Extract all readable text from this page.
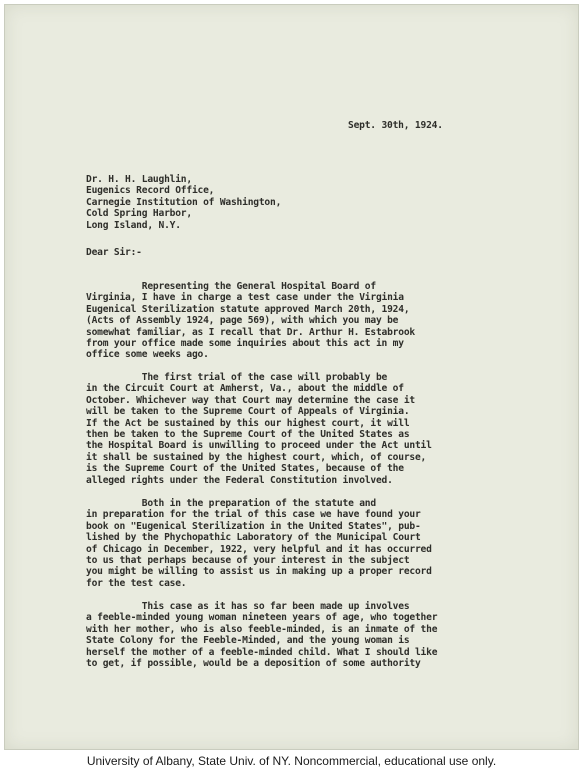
Sept. 30th, 1924.

Dr. H. H. Laughlin,

Eugenics Record Office,

Carnegie Institution of Washington,

Cold Spring Harbor,

Long Island, N.Y.

Dear Sir:-

Representing the General Hospital Board of
Virginia, I have in charge a test case under the Virginia
Eugenical Sterilization statute approved March 20th, 1924,
(Acts of Assembly 1924, page 569), with which you may be
somewhat familiar, as I recall that Dr. Arthur H. Estabrook
from your office made some inquiries about this act in my
office some weeks ago.
The first trial of the case will probably be
in the Circuit Court at Amherst, Va., about the middle of
October. Whichever way that Court may determine the case it
will be taken to the Supreme Court of Appeals of Virginia.
If the Act be sustained by this our highest court, it will
then be taken to the Supreme Court of the United States as
the Hospital Board is unwilling to proceed under the Act until
it shall be sustained by the highest court, which, of course,
is the Supreme Court of the United States, because of the
alleged rights under the Federal Constitution involved.
Both in the preparation of the statute and
in preparation for the trial of this case we have found your
book on "Eugenical Sterilization in the United States", pub-
lished by the Phychopathic Laboratory of the Municipal Court
of Chicago in December, 1922, very helpful and it has occurred
to us that perhaps because of your interest in the subject
you might be willing to assist us in making up a proper record
for the test case.
This case as it has so far been made up involves
a feeble-minded young woman nineteen years of age, who together
with her mother, who is also feeble-minded, is an inmate of the
State Colony for the Feeble-Minded, and the young woman is
herself the mother of a feeble-minded child. What I should like
to get, if possible, would be a deposition of some authority
University of Albany, State Univ. of NY. Noncommercial, educational use only.
